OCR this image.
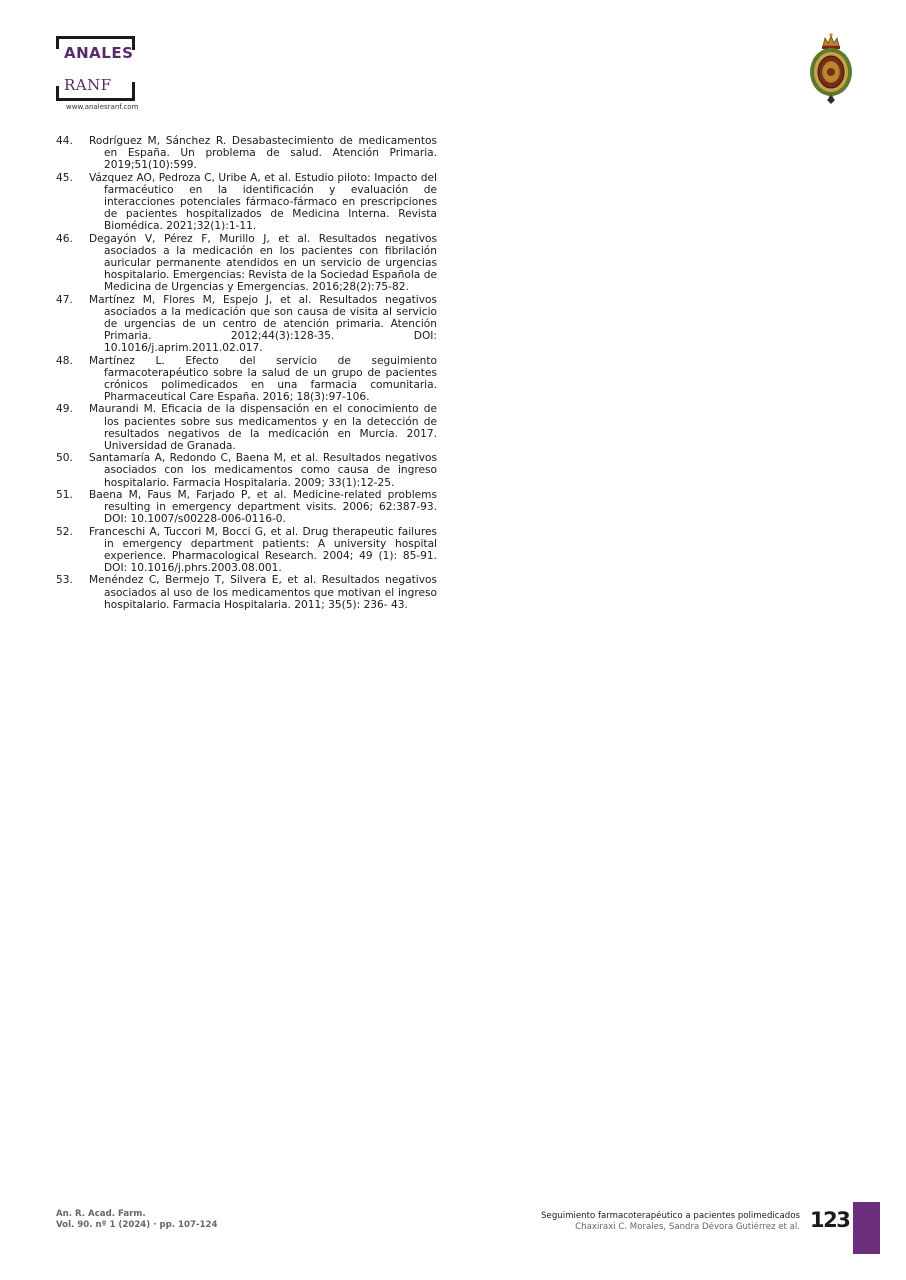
ANALES
RANF
www.analesranf.com
44. Rodríguez M, Sánchez R. Desabastecimiento de medicamentos en España. Un problema de salud. Atención Primaria. 2019;51(10):599.
45. Vázquez AO, Pedroza C, Uribe A, et al. Estudio piloto: Impacto del farmacéutico en la identificación y evaluación de interacciones potenciales fármaco-fármaco en prescripciones de pacientes hospitalizados de Medicina Interna. Revista Biomédica. 2021;32(1):1-11.
46. Degayón V, Pérez F, Murillo J, et al. Resultados negativos asociados a la medicación en los pacientes con fibrilación auricular permanente atendidos en un servicio de urgencias hospitalario. Emergencias: Revista de la Sociedad Española de Medicina de Urgencias y Emergencias. 2016;28(2):75-82.
47. Martínez M, Flores M, Espejo J, et al. Resultados negativos asociados a la medicación que son causa de visita al servicio de urgencias de un centro de atención primaria. Atención Primaria. 2012;44(3):128-35. DOI: 10.1016/j.aprim.2011.02.017.
48. Martínez L. Efecto del servicio de seguimiento farmacoterapéutico sobre la salud de un grupo de pacientes crónicos polimedicados en una farmacia comunitaria. Pharmaceutical Care España. 2016; 18(3):97-106.
49. Maurandi M. Eficacia de la dispensación en el conocimiento de los pacientes sobre sus medicamentos y en la detección de resultados negativos de la medicación en Murcia. 2017. Universidad de Granada.
50. Santamaría A, Redondo C, Baena M, et al. Resultados negativos asociados con los medicamentos como causa de ingreso hospitalario. Farmacia Hospitalaria. 2009; 33(1):12-25.
51. Baena M, Faus M, Farjado P, et al. Medicine-related problems resulting in emergency department visits. 2006; 62:387-93. DOI: 10.1007/s00228-006-0116-0.
52. Franceschi A, Tuccori M, Bocci G, et al. Drug therapeutic failures in emergency department patients: A university hospital experience. Pharmacological Research. 2004; 49 (1): 85-91. DOI: 10.1016/j.phrs.2003.08.001.
53. Menéndez C, Bermejo T, Silvera E, et al. Resultados negativos asociados al uso de los medicamentos que motivan el ingreso hospitalario. Farmacia Hospitalaria. 2011; 35(5): 236- 43.
An. R. Acad. Farm.
Vol. 90. nº 1 (2024) · pp. 107-124
Seguimiento farmacoterapéutico a pacientes polimedicados
Chaxiraxi C. Morales, Sandra Dévora Gutiérrez et al. 123
